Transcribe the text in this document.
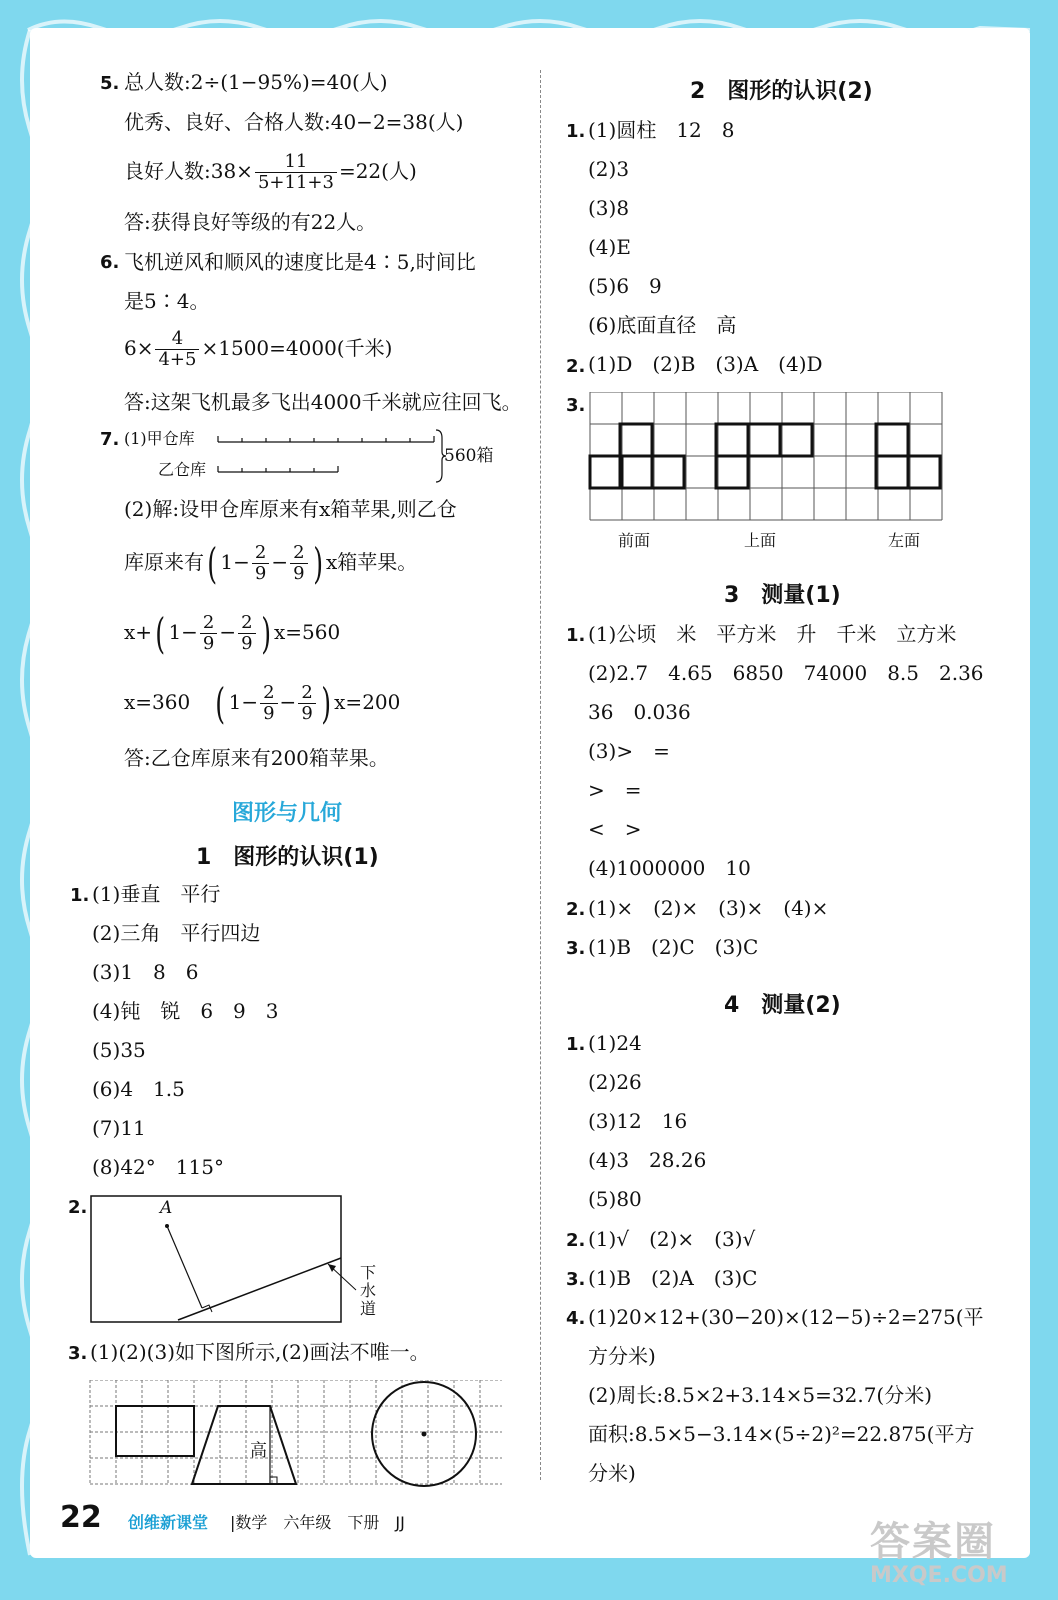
5. 总人数:2÷(1−95%)=40(人)
优秀、良好、合格人数:40−2=38(人)
良好人数:38× $\frac{11}{5+11+3} =22$(人)
答:获得良好等级的有22人。
6. 飞机逆风和顺风的速度比是4∶5,时间比
是5∶4。
$6\times \frac{4}{4+5} \times 1500=4000$(千米)
答:这架飞机最多飞出4000千米就应往回飞。
7. (1)甲仓库
乙仓库
560箱
(2)解:设甲仓库原来有x箱苹果,则乙仓
库原来有( $1- \frac{2}{9} - \frac{2}{9}$ ) x箱苹果。
x+( $1- \frac{2}{9} - \frac{2}{9}$ ) x=560
x=360 ( $1- \frac{2}{9} - \frac{2}{9}$ ) x=200
答:乙仓库原来有200箱苹果。
图形与几何
1　图形的认识(1)
1. (1)垂直　平行
(2)三角　平行四边
(3)1　8　6
(4)钝　锐　6　9　3
(5)35
(6)4　1.5
(7)11
(8)42°　115°
2.	A
下水道
3. (1)(2)(3)如下图所示,(2)画法不唯一。
高
2　图形的认识(2)
1. (1)圆柱　12　8
(2)3
(3)8
(4)E
(5)6　9
(6)底面直径　高
2. (1)D　(2)B　(3)A　(4)D
3.
前面	上面	左面
3　测量(1)
1. (1)公顷　米　平方米　升　千米　立方米
(2)2.7　4.65　6850　74000　8.5　2.36
36　0.036
(3)>　=
>　=
<　>
(4)1000000　10
2. (1)×　(2)×　(3)×　(4)×
3. (1)B　(2)C　(3)C
4　测量(2)
1. (1)24
(2)26
(3)12　16
(4)3　28.26
(5)80
2. (1)√　(2)×　(3)√
3. (1)B　(2)A　(3)C
4. (1)20×12+(30−20)×(12−5)÷2=275(平
方分米)
(2)周长:8.5×2+3.14×5=32.7(分米)
面积:8.5×5−3.14×(5÷2)²=22.875(平方
分米)
22 创维新课堂 |数学　六年级　下册　JJ	答案圈
MXQE.COM
